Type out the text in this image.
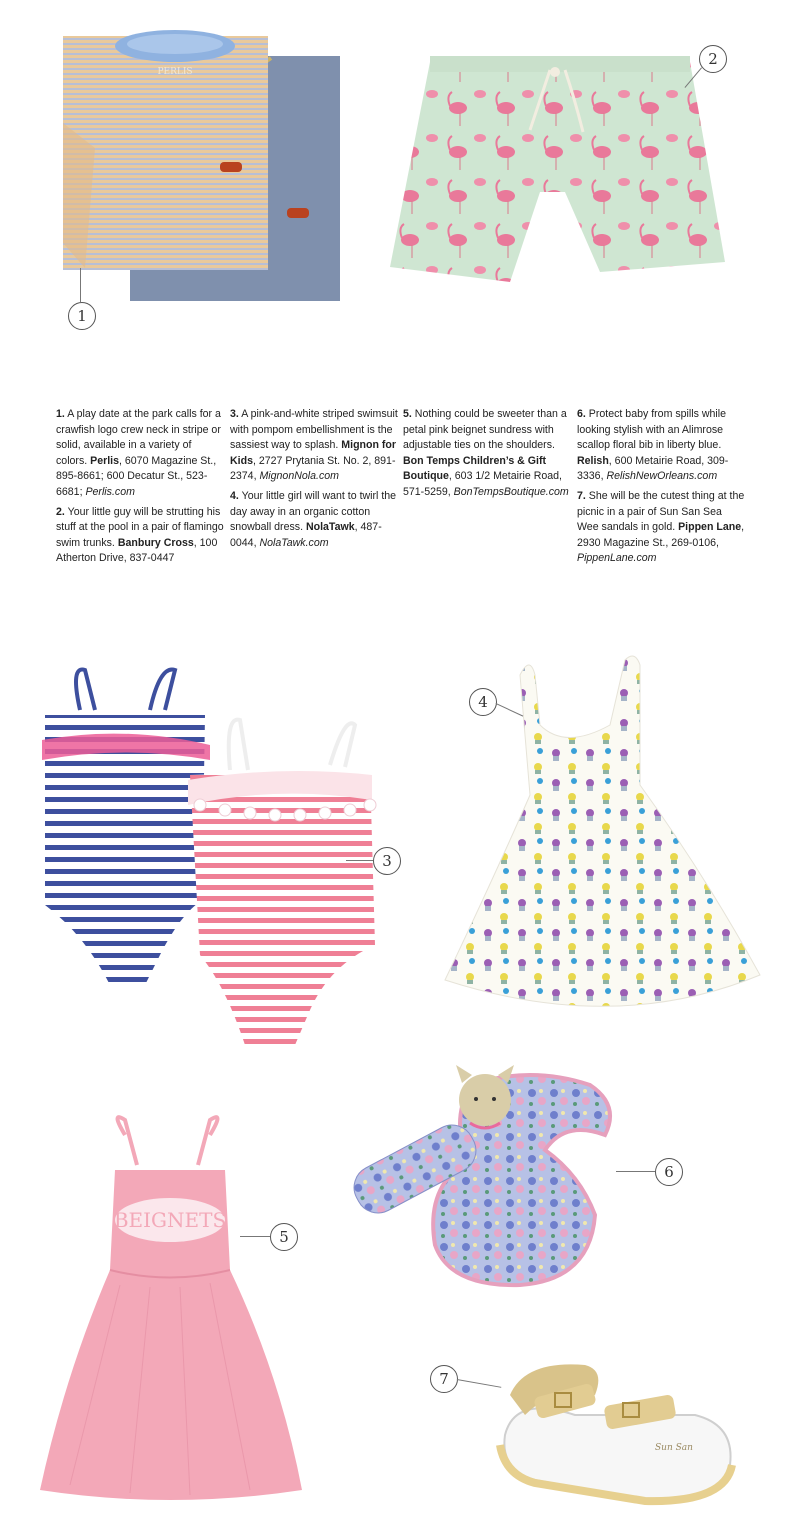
PERLIS
1
2

1. A play date at the park calls for a crawfish logo crew neck in stripe or solid, available in a variety of colors. Perlis, 6070 Magazine St., 895-8661; 600 Decatur St., 523-6681; Perlis.com

2. Your little guy will be strutting his stuff at the pool in a pair of flamingo swim trunks. Banbury Cross, 100 Atherton Drive, 837-0447

3. A pink-and-white striped swimsuit with pompom embellishment is the sassiest way to splash. Mignon for Kids, 2727 Prytania St. No. 2, 891-2374, MignonNola.com

4. Your little girl will want to twirl the day away in an organic cotton snowball dress. NolaTawk, 487-0044, NolaTawk.com

5. Nothing could be sweeter than a petal pink beignet sundress with adjustable ties on the shoulders. Bon Temps Children’s & Gift Boutique, 603 1/2 Metairie Road, 571-5259, BonTempsBoutique.com

6. Protect baby from spills while looking stylish with an Alimrose scallop floral bib in liberty blue. Relish, 600 Metairie Road, 309-3336, RelishNewOrleans.com

7. She will be the cutest thing at the picnic in a pair of Sun San Sea Wee sandals in gold. Pippen Lane, 2930 Magazine St., 269-0106, PippenLane.com

3
4
6
BEIGNETS
5
Sun San
7
